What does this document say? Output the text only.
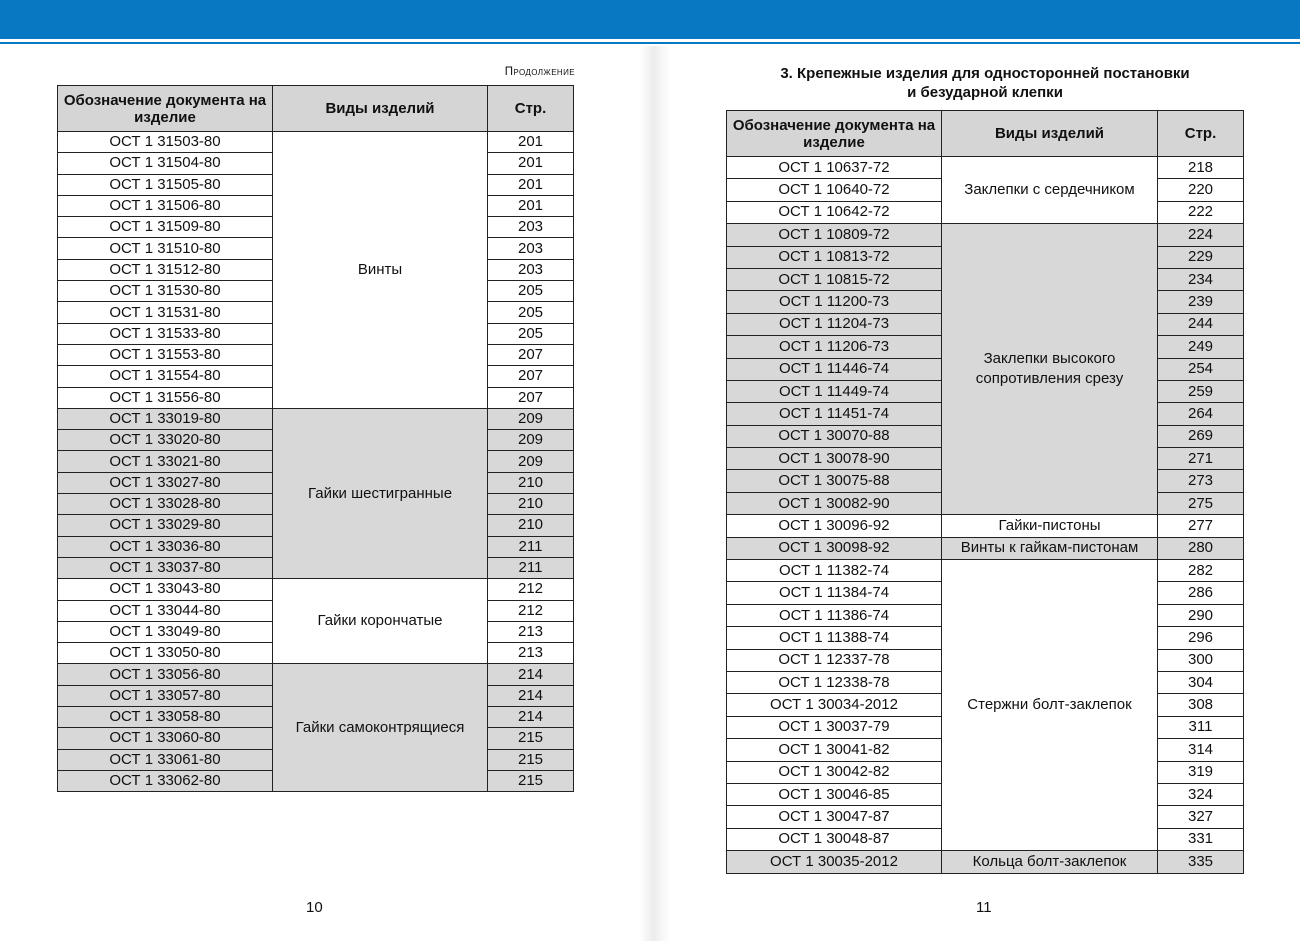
Продолжение
Обозначение документа на изделие	Виды изделий	Стр.
ОСТ 1 31503-80	Винты	201
ОСТ 1 31504-80		201
ОСТ 1 31505-80		201
ОСТ 1 31506-80		201
ОСТ 1 31509-80		203
ОСТ 1 31510-80		203
ОСТ 1 31512-80		203
ОСТ 1 31530-80		205
ОСТ 1 31531-80		205
ОСТ 1 31533-80		205
ОСТ 1 31553-80		207
ОСТ 1 31554-80		207
ОСТ 1 31556-80		207
ОСТ 1 33019-80	Гайки шестигранные	209
ОСТ 1 33020-80		209
ОСТ 1 33021-80		209
ОСТ 1 33027-80		210
ОСТ 1 33028-80		210
ОСТ 1 33029-80		210
ОСТ 1 33036-80		211
ОСТ 1 33037-80		211
ОСТ 1 33043-80	Гайки корончатые	212
ОСТ 1 33044-80		212
ОСТ 1 33049-80		213
ОСТ 1 33050-80		213
ОСТ 1 33056-80	Гайки самоконтрящиеся	214
ОСТ 1 33057-80		214
ОСТ 1 33058-80		214
ОСТ 1 33060-80		215
ОСТ 1 33061-80		215
ОСТ 1 33062-80		215
10
3. Крепежные изделия для односторонней постановки
и безударной клепки
Обозначение документа на изделие	Виды изделий	Стр.
ОСТ 1 10637-72	Заклепки с сердечником	218
ОСТ 1 10640-72		220
ОСТ 1 10642-72		222
ОСТ 1 10809-72	Заклепки высокого сопротивления срезу	224
ОСТ 1 10813-72		229
ОСТ 1 10815-72		234
ОСТ 1 11200-73		239
ОСТ 1 11204-73		244
ОСТ 1 11206-73		249
ОСТ 1 11446-74		254
ОСТ 1 11449-74		259
ОСТ 1 11451-74		264
ОСТ 1 30070-88		269
ОСТ 1 30078-90		271
ОСТ 1 30075-88		273
ОСТ 1 30082-90		275
ОСТ 1 30096-92	Гайки-пистоны	277
ОСТ 1 30098-92	Винты к гайкам-пистонам	280
ОСТ 1 11382-74	Стержни болт-заклепок	282
ОСТ 1 11384-74		286
ОСТ 1 11386-74		290
ОСТ 1 11388-74		296
ОСТ 1 12337-78		300
ОСТ 1 12338-78		304
ОСТ 1 30034-2012		308
ОСТ 1 30037-79		311
ОСТ 1 30041-82		314
ОСТ 1 30042-82		319
ОСТ 1 30046-85		324
ОСТ 1 30047-87		327
ОСТ 1 30048-87		331
ОСТ 1 30035-2012	Кольца болт-заклепок	335
11
